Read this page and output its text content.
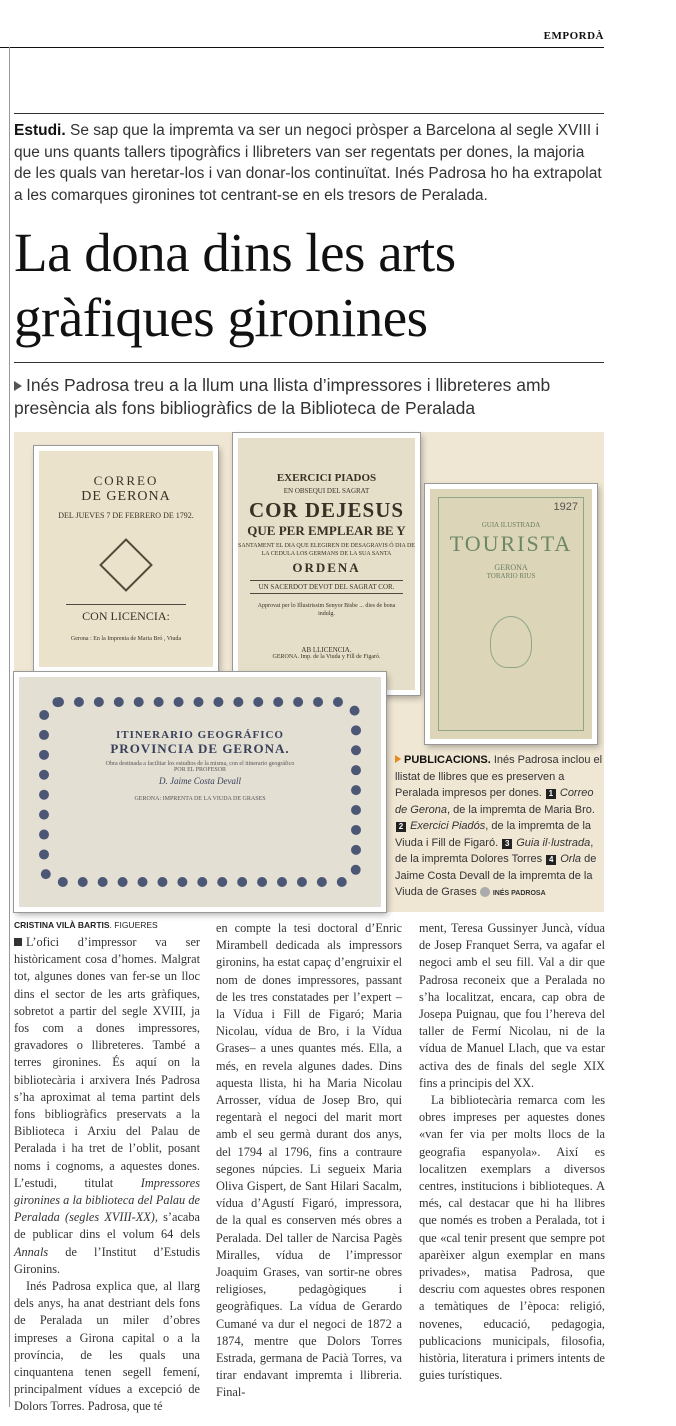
EMPORDÀ
Estudi. Se sap que la impremta va ser un negoci pròsper a Barcelona al segle XVIII i que uns quants tallers tipogràfics i llibreters van ser regentats per dones, la majoria de les quals van heretar-los i van donar-los continuïtat. Inés Padrosa ho ha extrapolat a les comarques gironines tot centrant-se en els tresors de Peralada.
La dona dins les arts
gràfiques gironines
Inés Padrosa treu a la llum una llista d’impressores i llibreteres amb presència als fons bibliogràfics de la Biblioteca de Peralada
CORREO
DE GERONA
DEL JUEVES 7 DE FEBRERO DE 1792.
CON LICENCIA:
Gerona : En la Imprenta de Maria Bró , Viuda
EXERCICI PIADOS
EN OBSEQUI DEL SAGRAT
COR DEJESUS
QUE PER EMPLEAR BE Y
SANTAMENT EL DIA QUE ELEGIREN DE DESAGRAVIS Ó DIA DE LA CEDULA LOS GERMANS DE LA SUA SANTA
ORDENA
UN SACERDOT DEVOT DEL SAGRAT COR.
Approvat per lo Illustrissim Senyor Bisbe ... dies de bona indulg.
AB LLICENCIA.
GERONA. Imp. de la Viuda y Fill de Figaró.
1927
GUIA ILUSTRADA
TOURISTA
GERONA
TORARIO RIUS
ITINERARIO GEOGRÁFICO
PROVINCIA DE GERONA.
Obra destinada a facilitar los estudios de la misma, con el itinerario geográfico
POR EL PROFESOR
D. Jaime Costa Devall
GERONA: IMPRENTA DE LA VIUDA DE GRASES
PUBLICACIONS. Inés Padrosa inclou el llistat de llibres que es preserven a Peralada impresos per dones. 1 Correo de Gerona, de la impremta de Maria Bro. 2 Exercici Piadós, de la impremta de la Viuda i Fill de Figaró. 3 Guia il·lustrada, de la impremta Dolores Torres 4 Orla de Jaime Costa Devall de la impremta de la Viuda de Grases  INÉS PADROSA
CRISTINA VILÀ BARTIS. FIGUERES

L’ofici d’impressor va ser històricament cosa d’homes. Malgrat tot, algunes dones van fer-se un lloc dins el sector de les arts gràfiques, sobretot a partir del segle XVIII, ja fos com a dones impressores, gravadores o llibreteres. També a terres gironines. És aquí on la bibliotecària i arxivera Inés Padrosa s’ha aproximat al tema partint dels fons bibliogràfics preservats a la Biblioteca i Arxiu del Palau de Peralada i ha tret de l’oblit, posant noms i cognoms, a aquestes dones. L’estudi, titulat Impressores gironines a la biblioteca del Palau de Peralada (segles XVIII-XX), s’acaba de publicar dins el volum 64 dels Annals de l’Institut d’Estudis Gironins.

Inés Padrosa explica que, al llarg dels anys, ha anat destriant dels fons de Peralada un miler d’obres impreses a Girona capital o a la província, de les quals una cinquantena tenen segell femení, principalment vídues a excepció de Dolors Torres. Padrosa, que té

en compte la tesi doctoral d’Enric Mirambell dedicada als impressors gironins, ha estat capaç d’engruixir el nom de dones impressores, passant de les tres constatades per l’expert –la Vídua i Fill de Figaró; Maria Nicolau, vídua de Bro, i la Vídua Grases– a unes quantes més. Ella, a més, en revela algunes dades. Dins aquesta llista, hi ha Maria Nicolau Arrosser, vídua de Josep Bro, qui regentarà el negoci del marit mort amb el seu germà durant dos anys, del 1794 al 1796, fins a contraure segones núpcies. Li segueix Maria Oliva Gispert, de Sant Hilari Sacalm, vídua d’Agustí Figaró, impressora, de la qual es conserven més obres a Peralada. Del taller de Narcisa Pagès Miralles, vídua de l’impressor Joaquim Grases, van sortir-ne obres religioses, pedagògiques i geogràfiques. La vídua de Gerardo Cumané va dur el negoci de 1872 a 1874, mentre que Dolors Torres Estrada, germana de Pacià Torres, va tirar endavant impremta i llibreria. Final-

ment, Teresa Gussinyer Juncà, vídua de Josep Franquet Serra, va agafar el negoci amb el seu fill. Val a dir que Padrosa reconeix que a Peralada no s’ha localitzat, encara, cap obra de Josepa Puignau, que fou l’hereva del taller de Fermí Nicolau, ni de la vídua de Manuel Llach, que va estar activa des de finals del segle XIX fins a principis del XX.

La bibliotecària remarca com les obres impreses per aquestes dones «van fer via per molts llocs de la geografia espanyola». Així es localitzen exemplars a diversos centres, institucions i biblioteques. A més, cal destacar que hi ha llibres que només es troben a Peralada, tot i que «cal tenir present que sempre pot aparèixer algun exemplar en mans privades», matisa Padrosa, que descriu com aquestes obres responen a temàtiques de l’època: religió, novenes, educació, pedagogia, publicacions municipals, filosofia, història, literatura i primers intents de guies turístiques.
